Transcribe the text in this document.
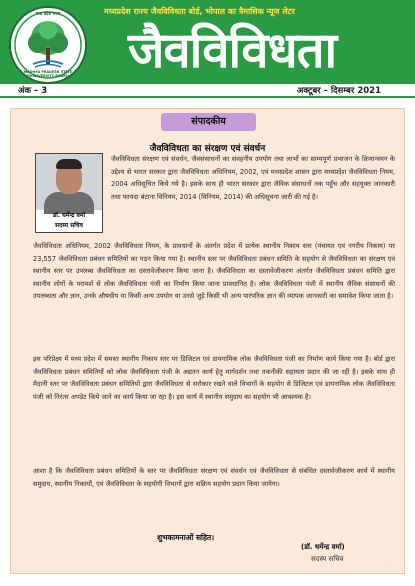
मध्य प्रदेश राज्य
MADHYA PRADESH STATE BIODIVERSITY BOARD
मध्यप्रदेश राज्य जैवविविधता बोर्ड, भोपाल का त्रैमासिक न्यूज लेटर
जैवविविधता
अंक – 3	अक्टूबर – दिसम्बर 2021
संपादकीय
जैवविविधता का संरक्षण एवं संवर्धन
डॉ. धर्मेन्द्र वर्मा
सदस्य सचिव
जैवविविधता संरक्षण एवं संवर्धन, जैवसंसाधनों का संवहनीय उपयोग तथा लाभों का साम्यपूर्ण प्रभाजन के क्रियान्वयन के उद्देश्य से भारत सरकार द्वारा जैवविविधता अधिनियम, 2002, एवं मध्यप्रदेश शासन द्वारा मध्यप्रदेश जैवविविधता नियम, 2004 अधिसूचित किये गये है। इसके साथ ही भारत सरकार द्वारा जैविक संसाधनों तक पहुँच और सहयुक्त जानकारी तथा फायदा बंटाना विनियम, 2014 (विनियम, 2014) की अधिसूचना जारी की गई है।
जैवविविधता अधिनियम, 2002 जैवविविधता नियम, के प्रावधानों के अंतर्गत प्रदेश में प्रत्येक स्थानीय निकाय स्तर (पंचायत एवं नगरीय निकाय) पर 23,557 जैवविविधता प्रबंधन समितियों का गठन किया गया है। स्थानीय स्तर पर जैवविविधता प्रबंधन समिति के सहयोग से जैवविविधता का संरक्षण एवं स्थानीय स्तर पर उपलब्ध जैवविविधता का दस्तावेजीकरण किया जाना है। जैवविविधता का दस्तावेजीकरण अंतर्गत जैवविविधता प्रबंधन समिति द्वारा स्थानीय लोगों के परामर्श से लोक जैवविविधता पंजी का निर्माण किया जाना प्रावधानित है। लोक जैवविविधता पंजी में स्थानीय जैविक संसाधनों की उपलब्धता और ज्ञान, उनके औषधीय या किसी अन्य उपयोग या उनसे जुड़े किसी भी अन्य पारंपरिक ज्ञान की व्यापक जानकारी का समावेश किया जाता है।
इस परिप्रेक्ष्य में मध्य प्रदेश में समस्त स्थानीय निकाय स्तर पर डिजिटल एवं डायनामिक लोक जैवविविधता पंजी का निर्माण कार्य किया गया है। बोर्ड द्वारा जैवविविधता प्रबंधन समितियों को लोक जैवविविधता पंजी के अद्यतन कार्य हेतु मार्गदर्शन तथा तकनीकी सहायता प्रदान की जा रही है। इसके साथ ही मैदानी स्तर पर जैवविविधता प्रबंधन समितियों द्वारा जैवविविधता से सरोकार रखने वाले विभागों के सहयोग से डिजिटल एवं डायनामिक लोक जैवविविधता पंजी को निरंतर अपडेट किये जाने का कार्य किया जा रहा है। इस कार्य में स्थानीय समुदाय का सहयोग भी आवश्यक है।
आशा है कि जैवविविधता प्रबंधन समितियों के स्तर पर जैवविविधता संरक्षण एवं संवर्धन एवं जैवविविधता से संबंधित दस्तावेजीकरण कार्य में स्थानीय समुदाय, स्थानीय निकायों, एवं जैवविविधता के सहयोगी विभागों द्वारा सक्रिय सहयोग प्रदान किया जायेगा।
शुभकामनाओं सहित।
(डॉ. धर्मेन्द्र वर्मा)
सदस्य सचिव
